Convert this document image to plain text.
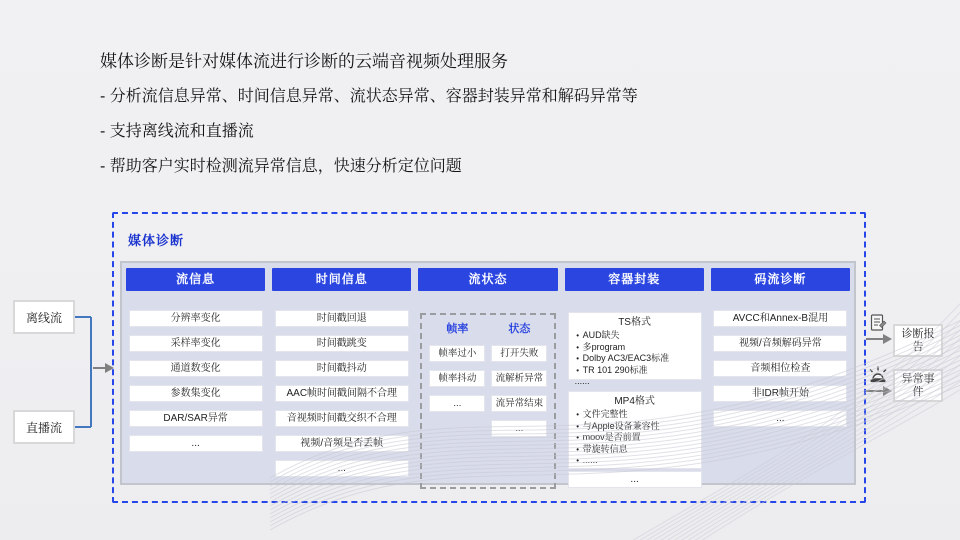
媒体诊断是针对媒体流进行诊断的云端音视频处理服务
- 分析流信息异常、时间信息异常、流状态异常、容器封装异常和解码异常等
- 支持离线流和直播流
- 帮助客户实时检测流异常信息，快速分析定位问题
离线流
直播流
媒体诊断
流信息
分辨率变化
采样率变化
通道数变化
参数集变化
DAR/SAR异常
...
时间信息
时间戳回退
时间戳跳变
时间戳抖动
AAC帧时间戳间隔不合理
音视频时间戳交织不合理
视频/音频是否丢帧
...
流状态
帧率
帧率过小
帧率抖动
...
状态
打开失败
流解析异常
流异常结束
...
容器封装
TS格式
• AUD缺失
• 多program
• Dolby AC3/EAC3标准
• TR 101 290标准
......
MP4格式
• 文件完整性
• 与Apple设备兼容性
• moov是否前置
• 带旋转信息
• ......
...
码流诊断
AVCC和Annex-B混用
视频/音频解码异常
音频相位检查
非IDR帧开始
...
诊断报告
异常事件
